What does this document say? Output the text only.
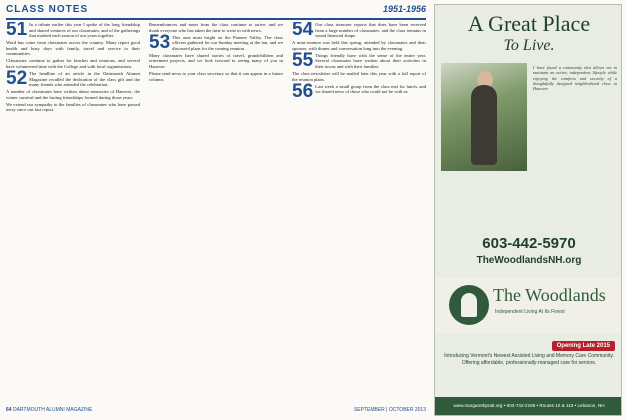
CLASS NOTES	1951-1956
51 In a tribute earlier this year I spoke of the long friendship and shared ventures of our classmates, and of the gatherings that marked each season of our years together.

Word has come from classmates across the country. Many report good health and busy days with family, travel and service to their communities.

Classmates continue to gather for lunches and reunions, and several have volunteered time with the College and with local organizations.

52 The headline of an article in the Dartmouth Alumni Magazine recalled the dedication of the class gift and the many friends who attended the celebration.

A number of classmates have written about memories of Hanover, the winter carnival and the lasting friendships formed during those years.

We extend our sympathy to the families of classmates who have passed away since our last report.

Remembrances and notes from the class continue to arrive, and we thank everyone who has taken the time to write in with news.

53 This area must bright on the Pioneer Valley. The class officers gathered for our Sunday meeting at the inn, and we discussed plans for the coming reunion.

Many classmates have shared stories of travel, grandchildren and retirement projects, and we look forward to seeing many of you in Hanover.

Please send news to your class secretary so that it can appear in a future column.

54 Our class treasurer reports that dues have been received from a large number of classmates, and the class remains in sound financial shape.

A mini-reunion was held this spring, attended by classmates and their spouses, with dinner and conversation long into the evening.

55 Things friendly have with the sense of the entire year. Several classmates have written about their activities in their towns and with their families.

The class newsletter will be mailed later this year with a full report of the reunion plans.

56 Last week a small group from the class met for lunch, and we shared news of those who could not be with us.

64 DARTMOUTH ALUMNI MAGAZINE	SEPTEMBER | OCTOBER 2013
A Great Place
To Live.
I have found a community that allows me to maintain an active, independent lifestyle while enjoying the comforts and security of a thoughtfully designed neighborhood close to Hanover.
603-442-5970
TheWoodlandsNH.org
The Woodlands
Independent Living At Its Finest
Opening Late 2015
Introducing Vermont's Newest Assisted Living and Memory Care Community. Offering affordable, professionally-managed care for seniors.
www.margarethpratt.org • 603-742-2186 • Routes 10 & 110 • Lebanon, NH
